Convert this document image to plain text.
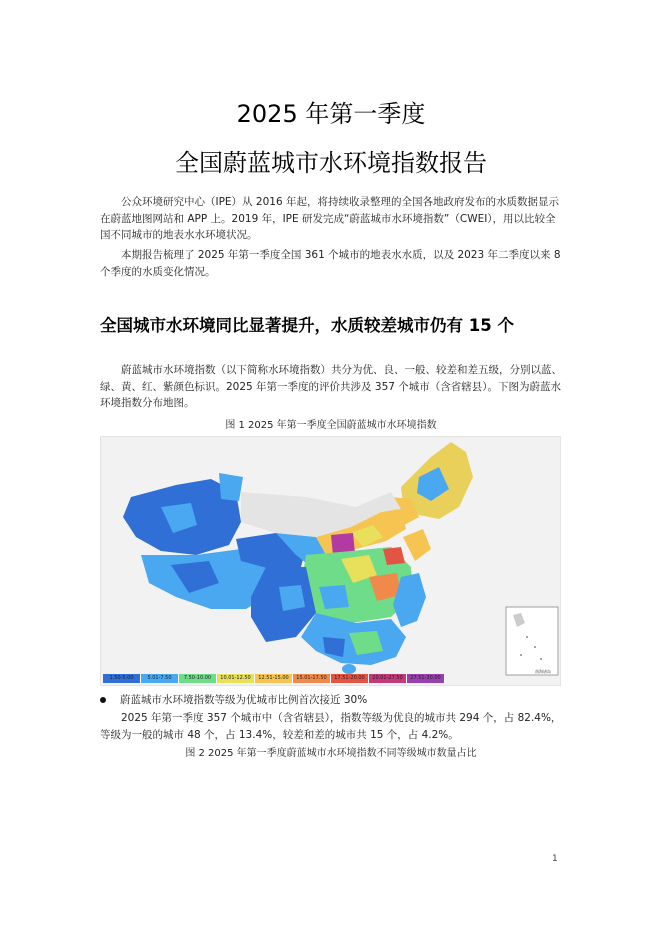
2025 年第一季度
全国蔚蓝城市水环境指数报告

公众环境研究中心（IPE）从 2016 年起，将持续收录整理的全国各地政府发布的水质数据显示在蔚蓝地图网站和 APP 上。2019 年，IPE 研发完成“蔚蓝城市水环境指数”（CWEI），用以比较全国不同城市的地表水水环境状况。

本期报告梳理了 2025 年第一季度全国 361 个城市的地表水水质，以及 2023 年二季度以来 8 个季度的水质变化情况。

全国城市水环境同比显著提升，水质较差城市仍有 15 个

蔚蓝城市水环境指数（以下简称水环境指数）共分为优、良、一般、较差和差五级，分别以蓝、绿、黄、红、紫颜色标识。2025 年第一季度的评价共涉及 357 个城市（含省辖县）。下图为蔚蓝水环境指数分布地图。

图 1 2025 年第一季度全国蔚蓝城市水环境指数
南海诸岛
1.50-5.00	5.01-7.50	7.50-10.00	10.01-12.50	12.51-15.00	15.01-17.50	17.51-20.00	20.01-27.50	27.51-30.00
蔚蓝城市水环境指数等级为优城市比例首次接近 30%

2025 年第一季度 357 个城市中（含省辖县），指数等级为优良的城市共 294 个，占 82.4%，等级为一般的城市 48 个，占 13.4%，较差和差的城市共 15 个，占 4.2%。

图 2 2025 年第一季度蔚蓝城市水环境指数不同等级城市数量占比
1
